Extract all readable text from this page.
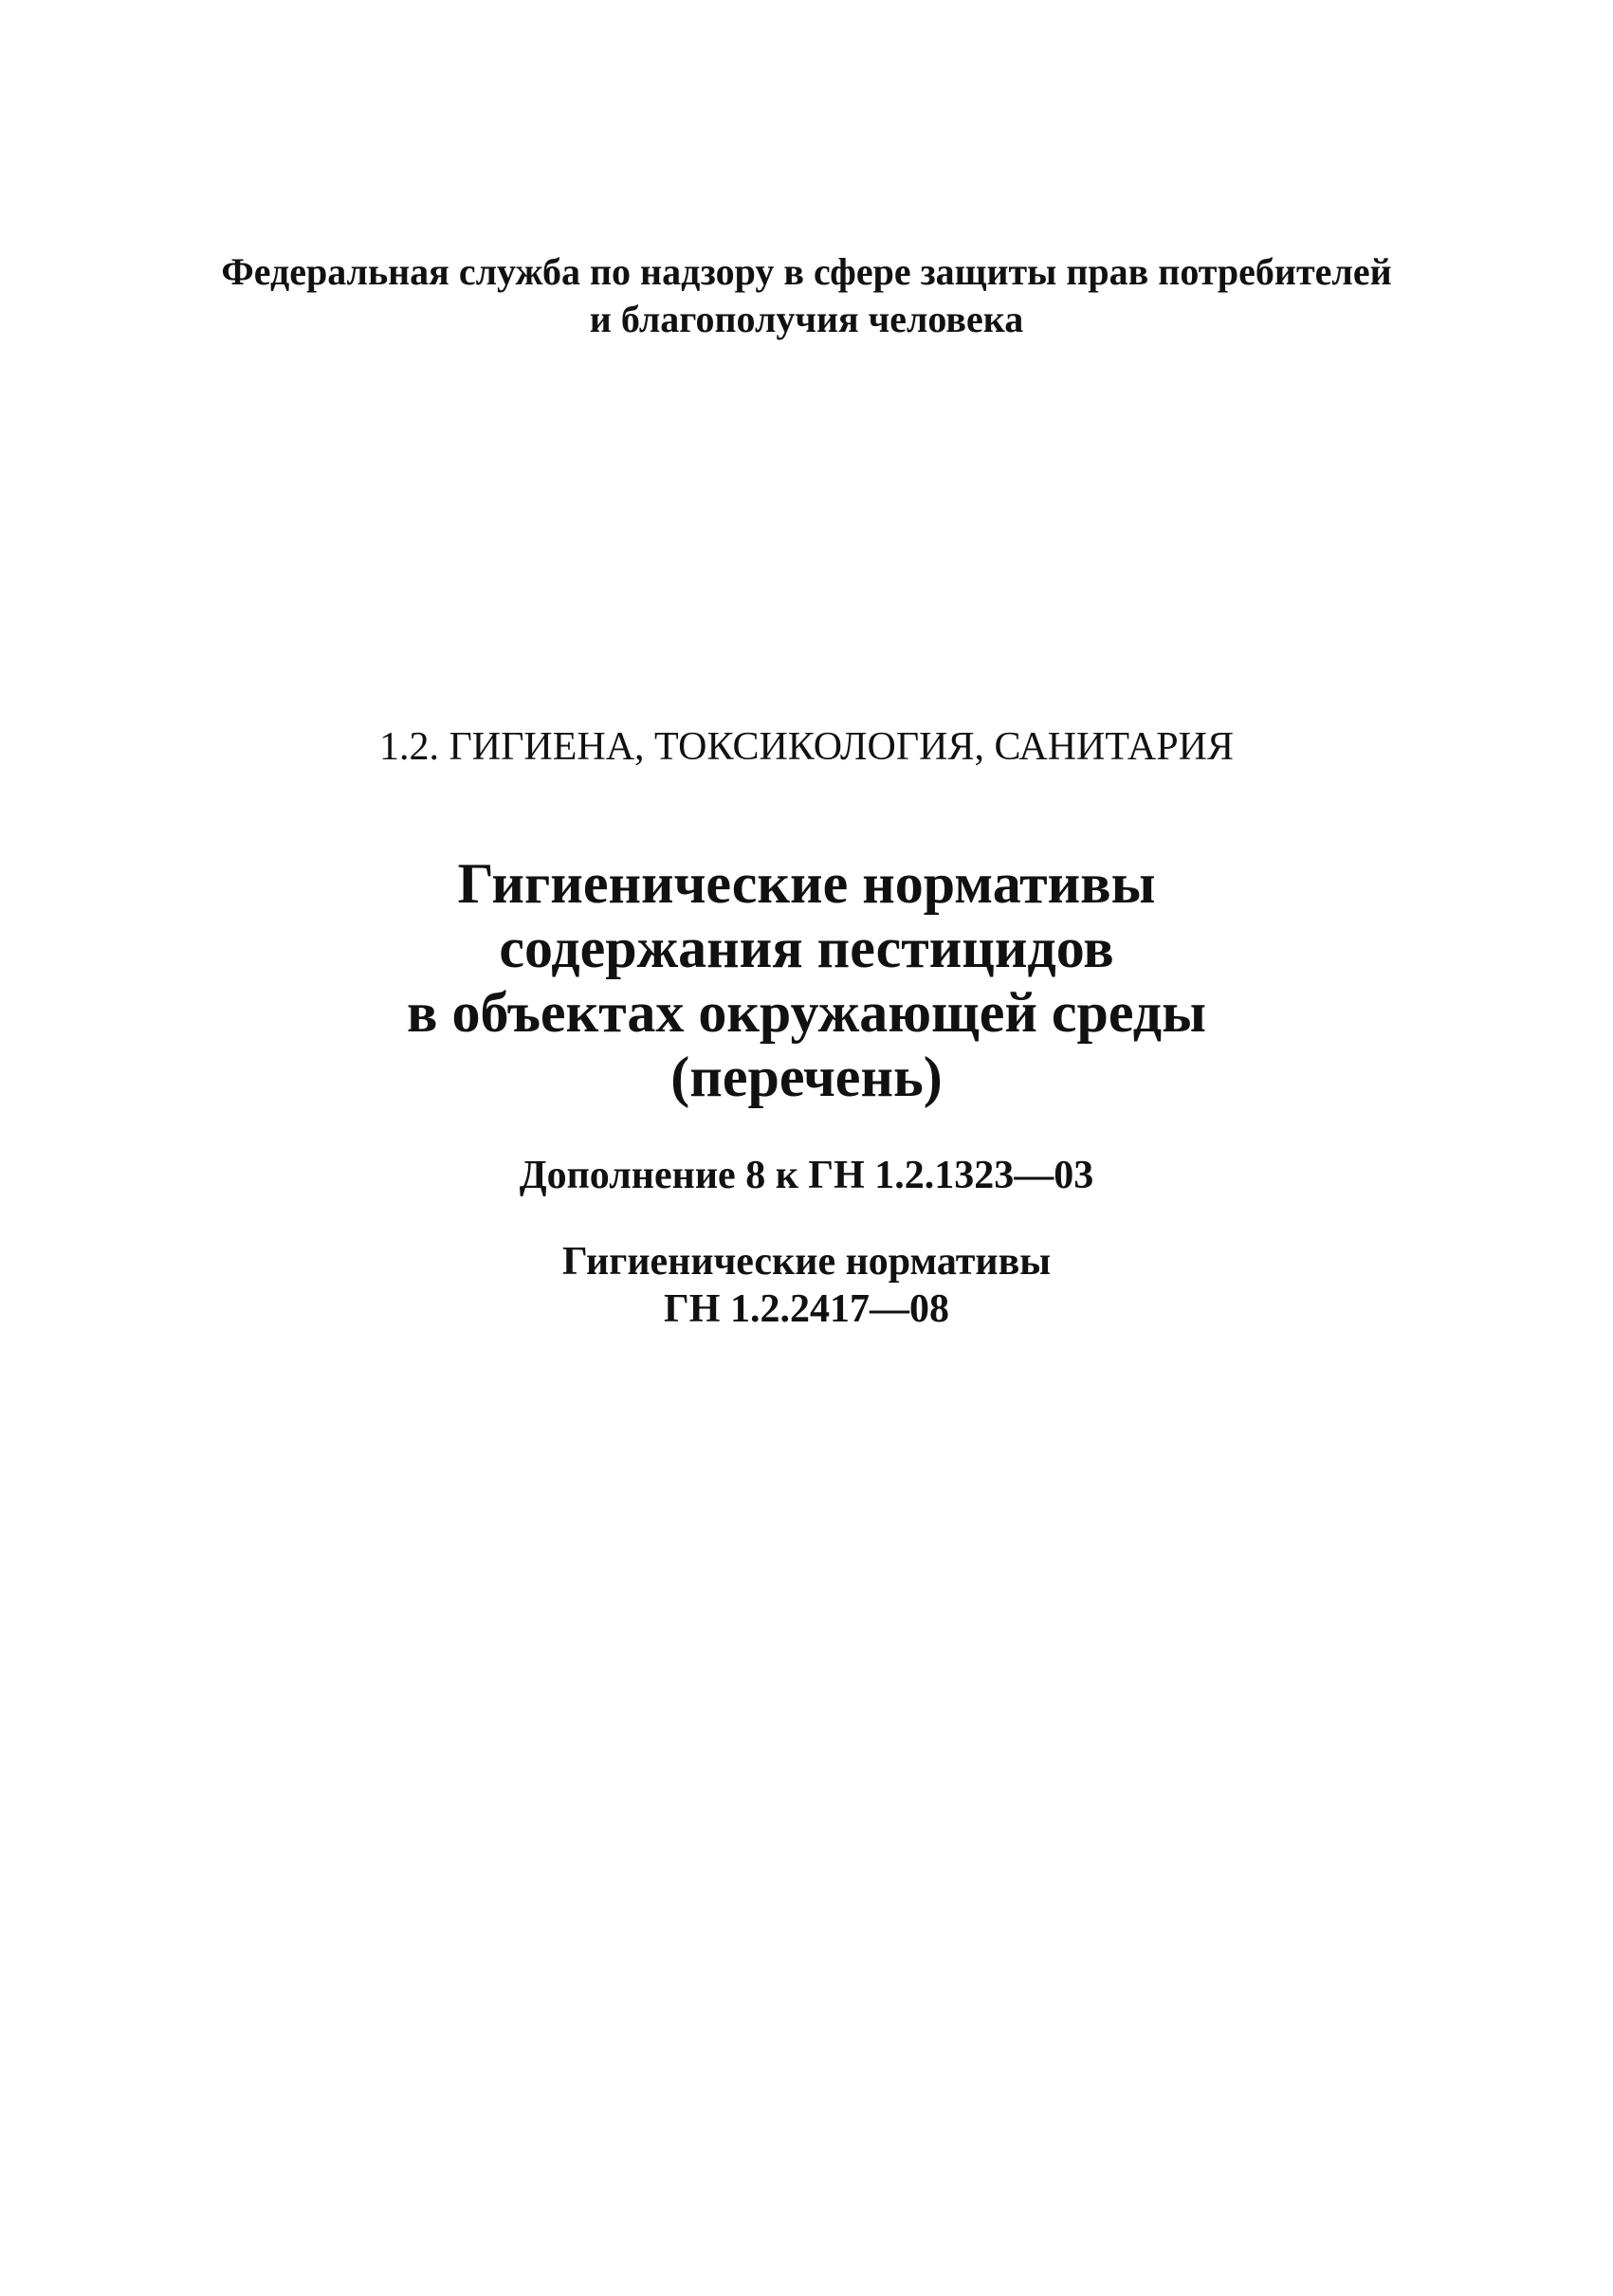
Федеральная служба по надзору в сфере защиты прав потребителей
и благополучия человека
1.2. ГИГИЕНА, ТОКСИКОЛОГИЯ, САНИТАРИЯ
Гигиенические нормативы
содержания пестицидов
в объектах окружающей среды
(перечень)
Дополнение 8 к ГН 1.2.1323—03
Гигиенические нормативы
ГН 1.2.2417—08
